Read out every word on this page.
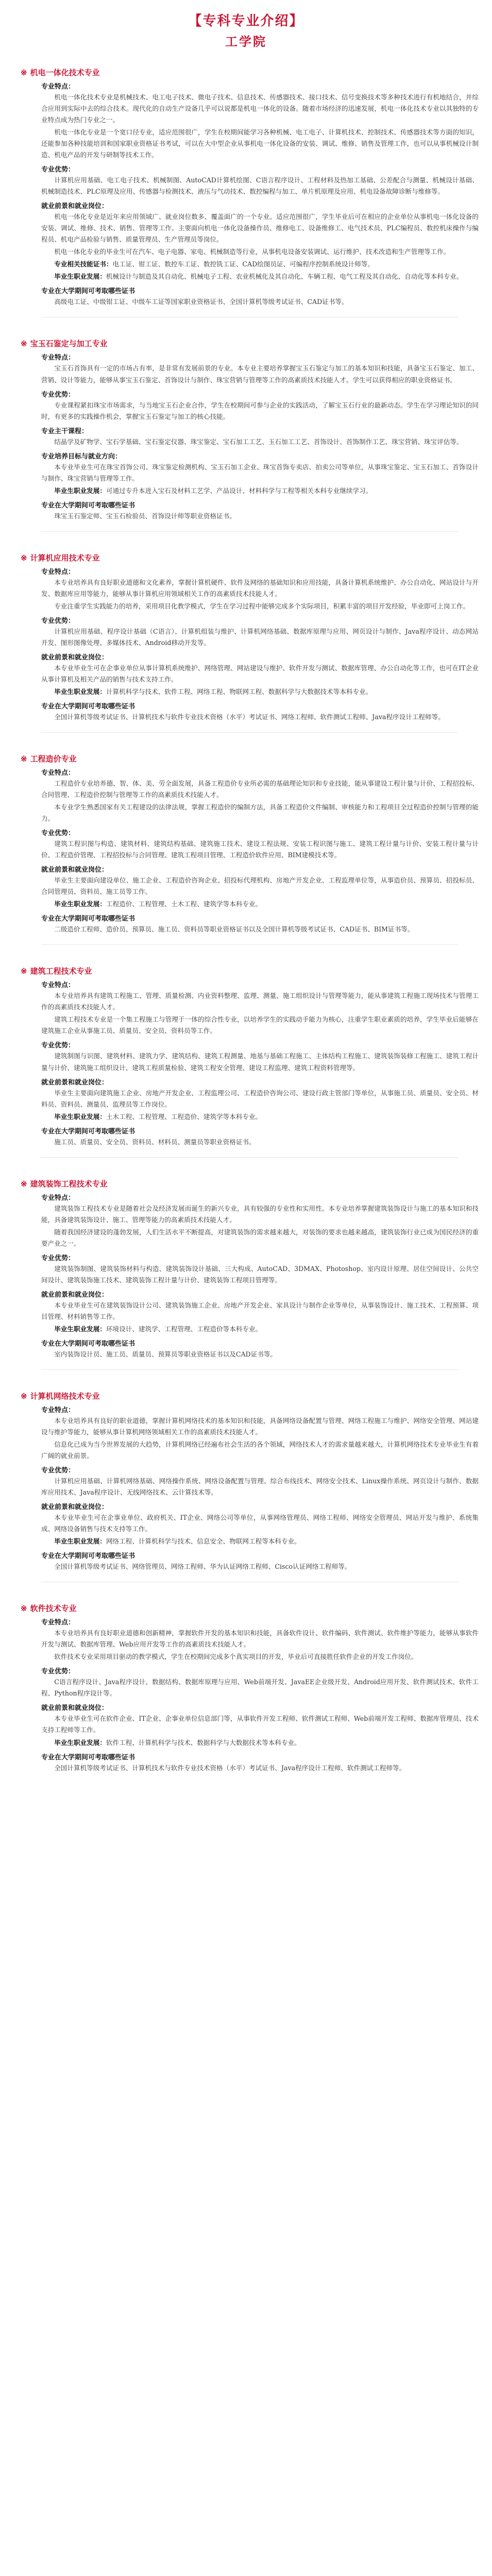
【专科专业介绍】
工学院
※ 机电一体化技术专业
专业特点：
机电一体化技术专业是机械技术、电工电子技术、微电子技术、信息技术、传感器技术、接口技术、信号变换技术等多种技术进行有机地结合，并综合应用到实际中去的综合技术。现代化的自动生产设备几乎可以说都是机电一体化的设备。随着市场经济的迅速发展，机电一体化技术专业以其独特的专业特点成为热门专业之一。
机电一体化专业是一个宽口径专业，适应范围很广，学生在校期间能学习各种机械、电工电子、计算机技术、控制技术、传感器技术等方面的知识，还能参加各种技能培训和国家职业资格证书考试，可以在大中型企业从事机电一体化设备的安装、调试、维修、销售及管理工作，也可以从事机械设计制造、机电产品的开发与研制等技术工作。
专业优势：
计算机应用基础、电工电子技术、机械制图、AutoCAD计算机绘图、C语言程序设计、工程材料及热加工基础、公差配合与测量、机械设计基础、机械制造技术、PLC原理及应用、传感器与检测技术、液压与气动技术、数控编程与加工、单片机原理及应用、机电设备故障诊断与维修等。
就业前景和就业岗位：
机电一体化专业是近年来应用领域广、就业岗位数多、覆盖面广的一个专业。适应范围很广，学生毕业后可在相应的企业单位从事机电一体化设备的安装、调试、维修、技术、销售、管理等工作。主要面向机电一体化设备操作员、维修电工、设备维修工、电气技术员、PLC编程员、数控机床操作与编程员、机电产品检验与销售、质量管理员、生产管理员等岗位。
机电一体化专业的毕业生可在汽车、电子电器、家电、机械制造等行业，从事机电设备安装调试、运行维护、技术改造和生产管理等工作。
专业相关技能证书：电工证、钳工证、数控车工证、数控铣工证、CAD绘图员证、可编程序控制系统设计师等。
毕业生职业发展：机械设计与制造及其自动化、机械电子工程、农业机械化及其自动化、车辆工程、电气工程及其自动化、自动化等本科专业。
专业在大学期间可考取哪些证书
高级电工证、中级钳工证、中级车工证等国家职业资格证书、全国计算机等级考试证书、CAD证书等。
※ 宝玉石鉴定与加工专业
专业特点：
宝玉石首饰具有一定的市场占有率，是非常有发展前景的专业。本专业主要培养掌握宝玉石鉴定与加工的基本知识和技能，具备宝玉石鉴定、加工、营销、设计等能力，能够从事宝玉石鉴定、首饰设计与制作、珠宝营销与管理等工作的高素质技术技能人才。学生可以获得相应的职业资格证书。
专业优势：
专业课程紧扣珠宝市场需求，与当地宝玉石企业合作，学生在校期间可参与企业的实践活动，了解宝玉石行业的最新动态。学生在学习理论知识的同时，有更多的实践操作机会，掌握宝玉石鉴定与加工的核心技能。
专业主干课程：
结晶学及矿物学、宝石学基础、宝石鉴定仪器、珠宝鉴定、宝石加工工艺、玉石加工工艺、首饰设计、首饰制作工艺、珠宝营销、珠宝评估等。
专业培养目标与就业方向：
本专业毕业生可在珠宝首饰公司、珠宝鉴定检测机构、宝玉石加工企业、珠宝首饰专卖店、拍卖公司等单位，从事珠宝鉴定、宝玉石加工、首饰设计与制作、珠宝营销与管理等工作。
毕业生职业发展：可通过专升本进入宝石及材料工艺学、产品设计、材料科学与工程等相关本科专业继续学习。
专业在大学期间可考取哪些证书
珠宝玉石鉴定师、宝玉石检验员、首饰设计师等职业资格证书。
※ 计算机应用技术专业
专业特点：
本专业培养具有良好职业道德和文化素养，掌握计算机硬件、软件及网络的基础知识和应用技能，具备计算机系统维护、办公自动化、网站设计与开发、数据库应用等能力，能够从事计算机应用领域相关工作的高素质技术技能人才。
专业注重学生实践能力的培养，采用项目化教学模式，学生在学习过程中能够完成多个实际项目，积累丰富的项目开发经验，毕业即可上岗工作。
专业优势：
计算机应用基础、程序设计基础（C语言）、计算机组装与维护、计算机网络基础、数据库原理与应用、网页设计与制作、Java程序设计、动态网站开发、图形图像处理、多媒体技术、Android移动开发等。
就业前景和就业岗位：
本专业毕业生可在企事业单位从事计算机系统维护、网络管理、网站建设与维护、软件开发与测试、数据库管理、办公自动化等工作，也可在IT企业从事计算机及相关产品的销售与技术支持工作。
毕业生职业发展：计算机科学与技术、软件工程、网络工程、物联网工程、数据科学与大数据技术等本科专业。
专业在大学期间可考取哪些证书
全国计算机等级考试证书、计算机技术与软件专业技术资格（水平）考试证书、网络工程师、软件测试工程师、Java程序设计工程师等。
※ 工程造价专业
专业特点：
工程造价专业培养德、智、体、美、劳全面发展，具备工程造价专业所必需的基础理论知识和专业技能，能从事建设工程计量与计价、工程招投标、合同管理、工程造价控制与管理等工作的高素质技术技能人才。
本专业学生熟悉国家有关工程建设的法律法规，掌握工程造价的编制方法，具备工程造价文件编制、审核能力和工程项目全过程造价控制与管理的能力。
专业优势：
建筑工程识图与构造、建筑材料、建筑结构基础、建筑施工技术、建设工程法规、安装工程识图与施工、建筑工程计量与计价、安装工程计量与计价、工程造价管理、工程招投标与合同管理、建筑工程项目管理、工程造价软件应用、BIM建模技术等。
就业前景和就业岗位：
毕业生主要面向建设单位、施工企业、工程造价咨询企业、招投标代理机构、房地产开发企业、工程监理单位等，从事造价员、预算员、招投标员、合同管理员、资料员、施工员等工作。
毕业生职业发展：工程造价、工程管理、土木工程、建筑学等本科专业。
专业在大学期间可考取哪些证书
二级造价工程师、造价员、预算员、施工员、资料员等职业资格证书以及全国计算机等级考试证书、CAD证书、BIM证书等。
※ 建筑工程技术专业
专业特点：
本专业培养具有建筑工程施工、管理、质量检测、内业资料整理、监理、测量、施工组织设计与管理等能力，能从事建筑工程施工现场技术与管理工作的高素质技术技能人才。
建筑工程技术专业是一个集工程施工与管理于一体的综合性专业，以培养学生的实践动手能力为核心，注重学生职业素质的培养，学生毕业后能够在建筑施工企业从事施工员、质量员、安全员、资料员等工作。
专业优势：
建筑制图与识图、建筑材料、建筑力学、建筑结构、建筑工程测量、地基与基础工程施工、主体结构工程施工、建筑装饰装修工程施工、建筑工程计量与计价、建筑施工组织设计、建筑工程质量检验、建筑工程安全管理、建设工程监理、建筑工程资料管理等。
就业前景和就业岗位：
毕业生主要面向建筑施工企业、房地产开发企业、工程监理公司、工程造价咨询公司、建设行政主管部门等单位，从事施工员、质量员、安全员、材料员、资料员、测量员、监理员等工作岗位。
毕业生职业发展：土木工程、工程管理、工程造价、建筑学等本科专业。
专业在大学期间可考取哪些证书
施工员、质量员、安全员、资料员、材料员、测量员等职业资格证书。
※ 建筑装饰工程技术专业
专业特点：
建筑装饰工程技术专业是随着社会及经济发展而诞生的新兴专业，具有较强的专业性和实用性。本专业培养掌握建筑装饰设计与施工的基本知识和技能，具备建筑装饰设计、施工、管理等能力的高素质技术技能人才。
随着我国经济建设的蓬勃发展，人们生活水平不断提高，对建筑装饰的需求越来越大，对装饰的要求也越来越高，建筑装饰行业已成为国民经济的重要产业之一。
专业优势：
建筑装饰制图、建筑装饰材料与构造、建筑装饰设计基础、三大构成、AutoCAD、3DMAX、Photoshop、室内设计原理、居住空间设计、公共空间设计、建筑装饰施工技术、建筑装饰工程计量与计价、建筑装饰工程项目管理等。
就业前景和就业岗位：
本专业毕业生可在建筑装饰设计公司、建筑装饰施工企业、房地产开发企业、家具设计与制作企业等单位，从事装饰设计、施工技术、工程预算、项目管理、材料销售等工作。
毕业生职业发展：环境设计、建筑学、工程管理、工程造价等本科专业。
专业在大学期间可考取哪些证书
室内装饰设计员、施工员、质量员、预算员等职业资格证书以及CAD证书等。
※ 计算机网络技术专业
专业特点：
本专业培养具有良好的职业道德，掌握计算机网络技术的基本知识和技能，具备网络设备配置与管理、网络工程施工与维护、网络安全管理、网站建设与维护等能力，能够从事计算机网络领域相关工作的高素质技术技能人才。
信息化已成为当今世界发展的大趋势，计算机网络已经遍布社会生活的各个领域，网络技术人才的需求量越来越大，计算机网络技术专业毕业生有着广阔的就业前景。
专业优势：
计算机应用基础、计算机网络基础、网络操作系统、网络设备配置与管理、综合布线技术、网络安全技术、Linux操作系统、网页设计与制作、数据库应用技术、Java程序设计、无线网络技术、云计算技术等。
就业前景和就业岗位：
本专业毕业生可在企事业单位、政府机关、IT企业、网络公司等单位，从事网络管理员、网络工程师、网络安全管理员、网站开发与维护、系统集成、网络设备销售与技术支持等工作。
毕业生职业发展：网络工程、计算机科学与技术、信息安全、物联网工程等本科专业。
专业在大学期间可考取哪些证书
全国计算机等级考试证书、网络管理员、网络工程师、华为认证网络工程师、Cisco认证网络工程师等。
※ 软件技术专业
专业特点：
本专业培养具有良好职业道德和创新精神，掌握软件开发的基本知识和技能，具备软件设计、软件编码、软件测试、软件维护等能力，能够从事软件开发与测试、数据库管理、Web应用开发等工作的高素质技术技能人才。
软件技术专业采用项目驱动的教学模式，学生在校期间完成多个真实项目的开发，毕业后可直接胜任软件企业的开发工作岗位。
专业优势：
C语言程序设计、Java程序设计、数据结构、数据库原理与应用、Web前端开发、JavaEE企业级开发、Android应用开发、软件测试技术、软件工程、Python程序设计等。
就业前景和就业岗位：
本专业毕业生可在软件企业、IT企业、企事业单位信息部门等，从事软件开发工程师、软件测试工程师、Web前端开发工程师、数据库管理员、技术支持工程师等工作。
毕业生职业发展：软件工程、计算机科学与技术、数据科学与大数据技术等本科专业。
专业在大学期间可考取哪些证书
全国计算机等级考试证书、计算机技术与软件专业技术资格（水平）考试证书、Java程序设计工程师、软件测试工程师等。
